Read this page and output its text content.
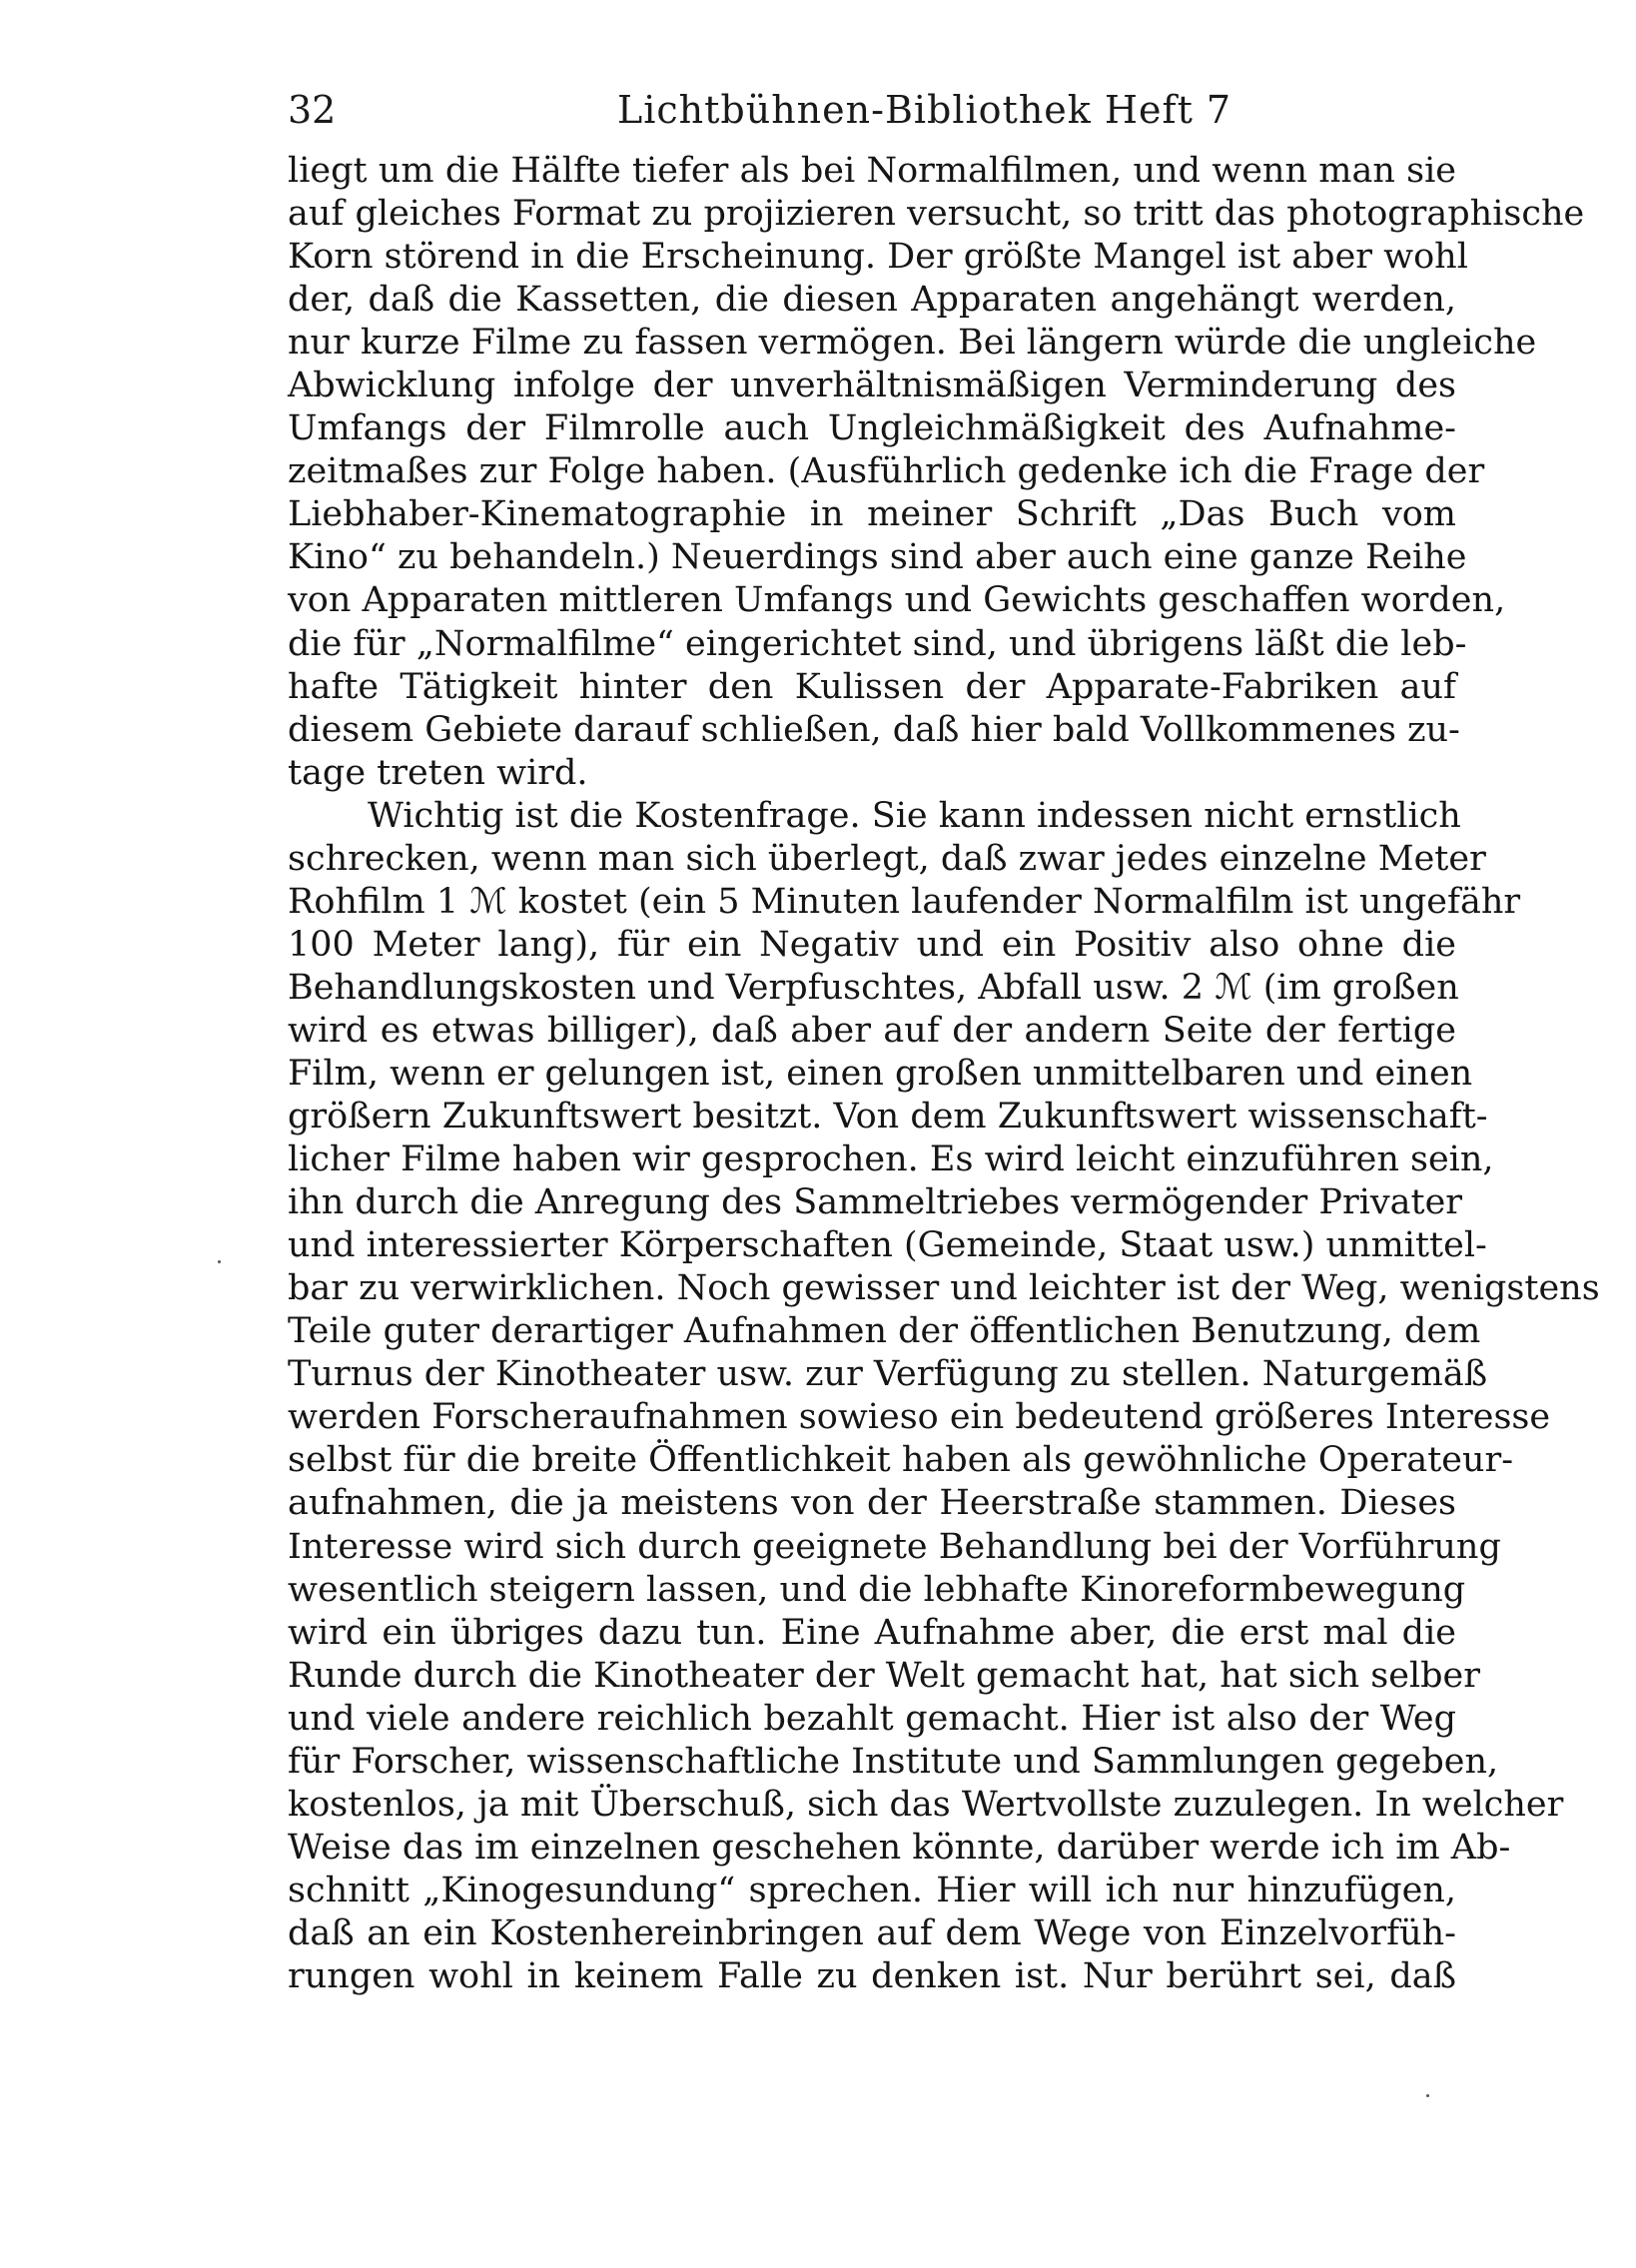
32	Lichtbühnen-Bibliothek Heft 7
liegt um die Hälfte tiefer als bei Normalfilmen, und wenn man sie
auf gleiches Format zu projizieren versucht, so tritt das photographische
Korn störend in die Erscheinung. Der größte Mangel ist aber wohl
der, daß die Kassetten, die diesen Apparaten angehängt werden,
nur kurze Filme zu fassen vermögen. Bei längern würde die ungleiche
Abwicklung infolge der unverhältnismäßigen Verminderung des
Umfangs der Filmrolle auch Ungleichmäßigkeit des Aufnahme-
zeitmaßes zur Folge haben. (Ausführlich gedenke ich die Frage der
Liebhaber-Kinematographie in meiner Schrift „Das Buch vom
Kino“ zu behandeln.) Neuerdings sind aber auch eine ganze Reihe
von Apparaten mittleren Umfangs und Gewichts geschaffen worden,
die für „Normalfilme“ eingerichtet sind, und übrigens läßt die leb-
hafte Tätigkeit hinter den Kulissen der Apparate-Fabriken auf
diesem Gebiete darauf schließen, daß hier bald Vollkommenes zu-
tage treten wird.
Wichtig ist die Kostenfrage. Sie kann indessen nicht ernstlich
schrecken, wenn man sich überlegt, daß zwar jedes einzelne Meter
Rohfilm 1 ℳ kostet (ein 5 Minuten laufender Normalfilm ist ungefähr
100 Meter lang), für ein Negativ und ein Positiv also ohne die
Behandlungskosten und Verpfuschtes, Abfall usw. 2 ℳ (im großen
wird es etwas billiger), daß aber auf der andern Seite der fertige
Film, wenn er gelungen ist, einen großen unmittelbaren und einen
größern Zukunftswert besitzt. Von dem Zukunftswert wissenschaft-
licher Filme haben wir gesprochen. Es wird leicht einzuführen sein,
ihn durch die Anregung des Sammeltriebes vermögender Privater
und interessierter Körperschaften (Gemeinde, Staat usw.) unmittel-
bar zu verwirklichen. Noch gewisser und leichter ist der Weg, wenigstens
Teile guter derartiger Aufnahmen der öffentlichen Benutzung, dem
Turnus der Kinotheater usw. zur Verfügung zu stellen. Naturgemäß
werden Forscheraufnahmen sowieso ein bedeutend größeres Interesse
selbst für die breite Öffentlichkeit haben als gewöhnliche Operateur-
aufnahmen, die ja meistens von der Heerstraße stammen. Dieses
Interesse wird sich durch geeignete Behandlung bei der Vorführung
wesentlich steigern lassen, und die lebhafte Kinoreformbewegung
wird ein übriges dazu tun. Eine Aufnahme aber, die erst mal die
Runde durch die Kinotheater der Welt gemacht hat, hat sich selber
und viele andere reichlich bezahlt gemacht. Hier ist also der Weg
für Forscher, wissenschaftliche Institute und Sammlungen gegeben,
kostenlos, ja mit Überschuß, sich das Wertvollste zuzulegen. In welcher
Weise das im einzelnen geschehen könnte, darüber werde ich im Ab-
schnitt „Kinogesundung“ sprechen. Hier will ich nur hinzufügen,
daß an ein Kostenhereinbringen auf dem Wege von Einzelvorfüh-
rungen wohl in keinem Falle zu denken ist. Nur berührt sei, daß
